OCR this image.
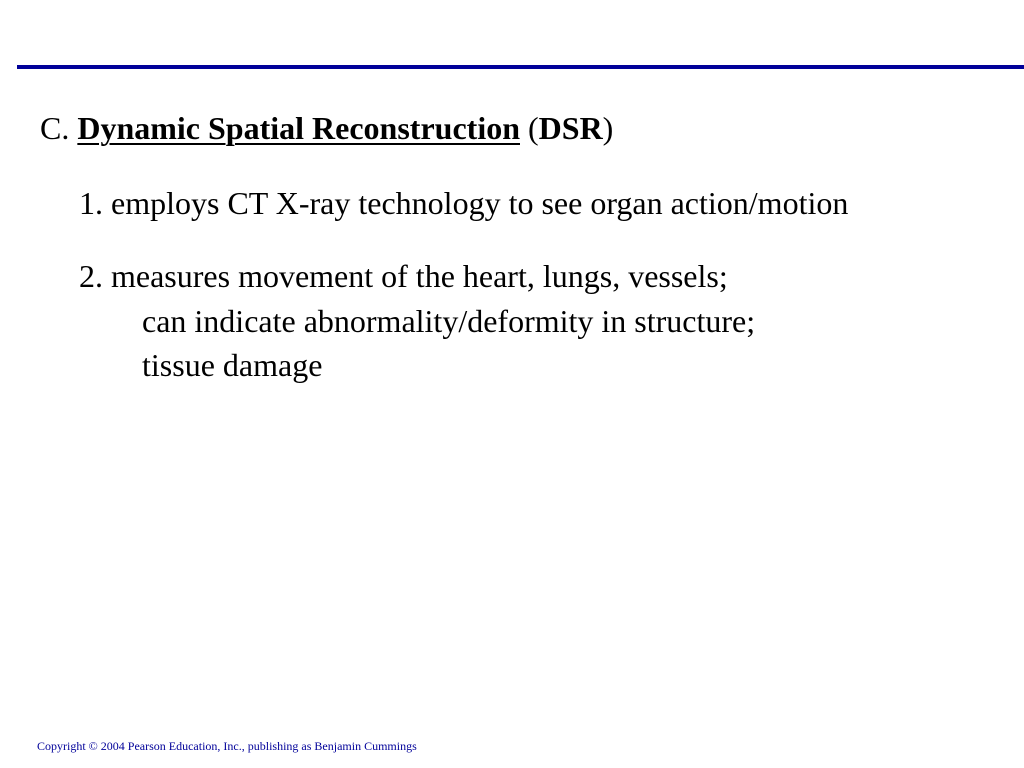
C. Dynamic Spatial Reconstruction (DSR)
1. employs CT X-ray technology to see organ action/motion
2. measures movement of the heart, lungs, vessels;
can indicate abnormality/deformity in structure;
tissue damage
Copyright © 2004 Pearson Education, Inc., publishing as Benjamin Cummings
